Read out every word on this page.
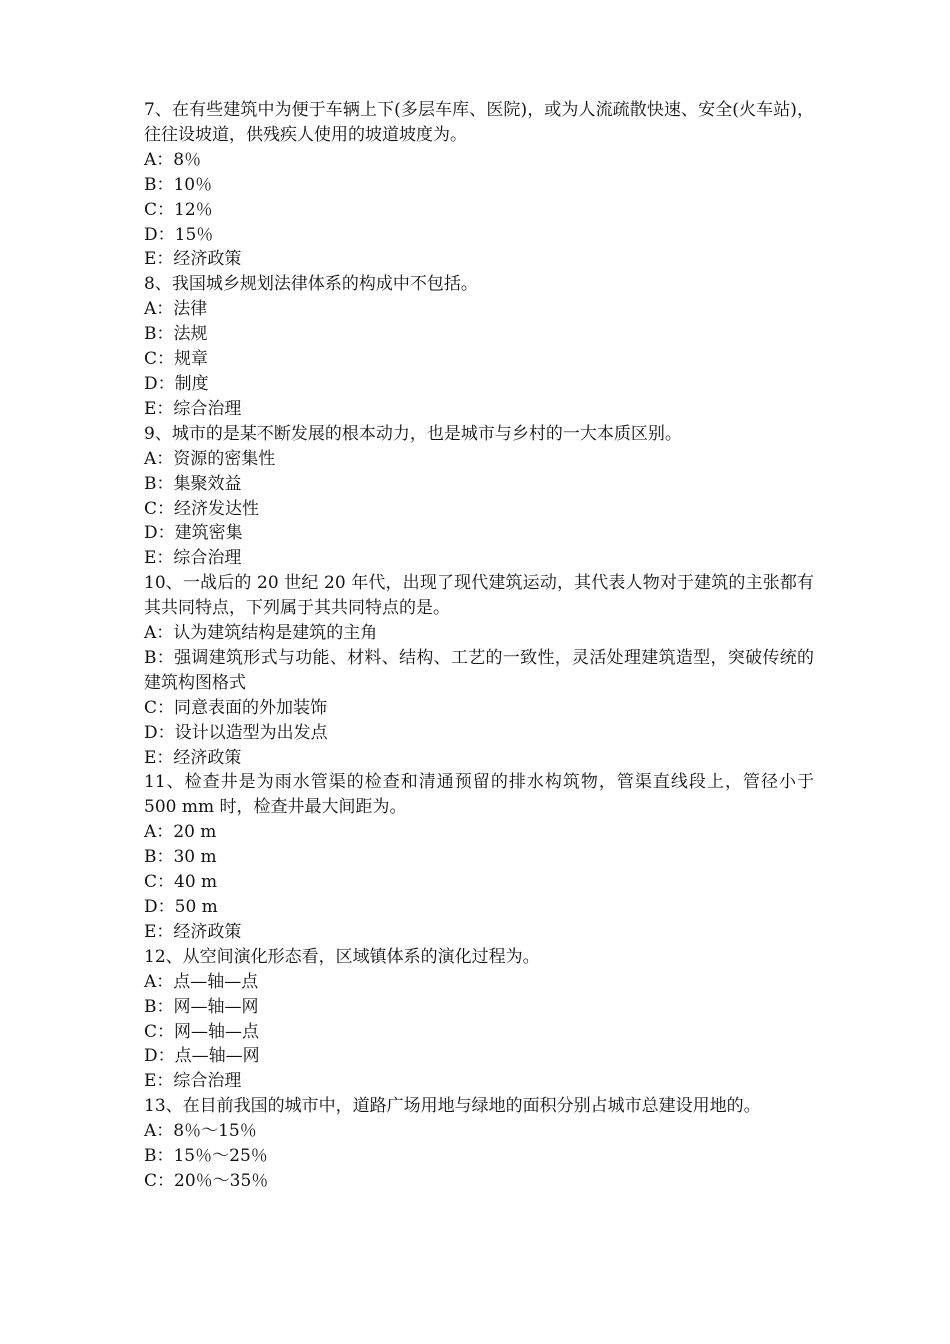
7、在有些建筑中为便于车辆上下(多层车库、医院)，或为人流疏散快速、安全(火车站)，往往设坡道，供残疾人使用的坡道坡度为。
A：8％
B：10％
C：12％
D：15％
E：经济政策
8、我国城乡规划法律体系的构成中不包括。
A：法律
B：法规
C：规章
D：制度
E：综合治理
9、城市的是某不断发展的根本动力，也是城市与乡村的一大本质区别。
A：资源的密集性
B：集聚效益
C：经济发达性
D：建筑密集
E：综合治理
10、一战后的 20 世纪 20 年代，出现了现代建筑运动，其代表人物对于建筑的主张都有其共同特点，下列属于其共同特点的是。
A：认为建筑结构是建筑的主角
B：强调建筑形式与功能、材料、结构、工艺的一致性，灵活处理建筑造型，突破传统的建筑构图格式
C：同意表面的外加装饰
D：设计以造型为出发点
E：经济政策
11、检查井是为雨水管渠的检查和清通预留的排水构筑物，管渠直线段上，管径小于 500 mm 时，检查井最大间距为。
A：20 m
B：30 m
C：40 m
D：50 m
E：经济政策
12、从空间演化形态看，区域镇体系的演化过程为。
A：点—轴—点
B：网—轴—网
C：网—轴—点
D：点—轴—网
E：综合治理
13、在目前我国的城市中，道路广场用地与绿地的面积分别占城市总建设用地的。
A：8％～15％
B：15％～25％
C：20％～35％
